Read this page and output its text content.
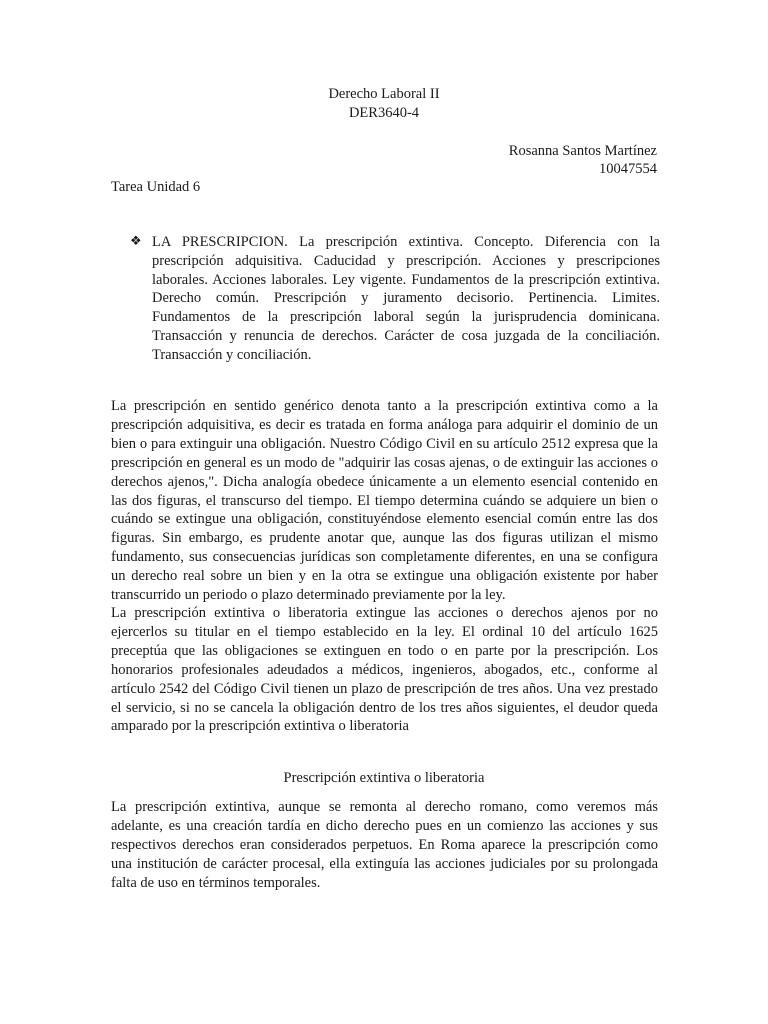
Derecho Laboral II
DER3640-4
Rosanna Santos Martínez
10047554
Tarea Unidad 6
❖ LA PRESCRIPCION. La prescripción extintiva. Concepto. Diferencia con la prescripción adquisitiva. Caducidad y prescripción. Acciones y prescripciones laborales. Acciones laborales. Ley vigente. Fundamentos de la prescripción extintiva. Derecho común. Prescripción y juramento decisorio. Pertinencia. Limites. Fundamentos de la prescripción laboral según la jurisprudencia dominicana. Transacción y renuncia de derechos. Carácter de cosa juzgada de la conciliación. Transacción y conciliación.

La prescripción en sentido genérico denota tanto a la prescripción extintiva como a la prescripción adquisitiva, es decir es tratada en forma análoga para adquirir el dominio de un bien o para extinguir una obligación. Nuestro Código Civil en su artículo 2512 expresa que la prescripción en general es un modo de "adquirir las cosas ajenas, o de extinguir las acciones o derechos ajenos,". Dicha analogía obedece únicamente a un elemento esencial contenido en las dos figuras, el transcurso del tiempo. El tiempo determina cuándo se adquiere un bien o cuándo se extingue una obligación, constituyéndose elemento esencial común entre las dos figuras. Sin embargo, es prudente anotar que, aunque las dos figuras utilizan el mismo fundamento, sus consecuencias jurídicas son completamente diferentes, en una se configura un derecho real sobre un bien y en la otra se extingue una obligación existente por haber transcurrido un periodo o plazo determinado previamente por la ley.

La prescripción extintiva o liberatoria extingue las acciones o derechos ajenos por no ejercerlos su titular en el tiempo establecido en la ley. El ordinal 10 del artículo 1625 preceptúa que las obligaciones se extinguen en todo o en parte por la prescripción. Los honorarios profesionales adeudados a médicos, ingenieros, abogados, etc., conforme al artículo 2542 del Código Civil tienen un plazo de prescripción de tres años. Una vez prestado el servicio, si no se cancela la obligación dentro de los tres años siguientes, el deudor queda amparado por la prescripción extintiva o liberatoria

Prescripción extintiva o liberatoria

La prescripción extintiva, aunque se remonta al derecho romano, como veremos más adelante, es una creación tardía en dicho derecho pues en un comienzo las acciones y sus respectivos derechos eran considerados perpetuos. En Roma aparece la prescripción como una institución de carácter procesal, ella extinguía las acciones judiciales por su prolongada falta de uso en términos temporales.
